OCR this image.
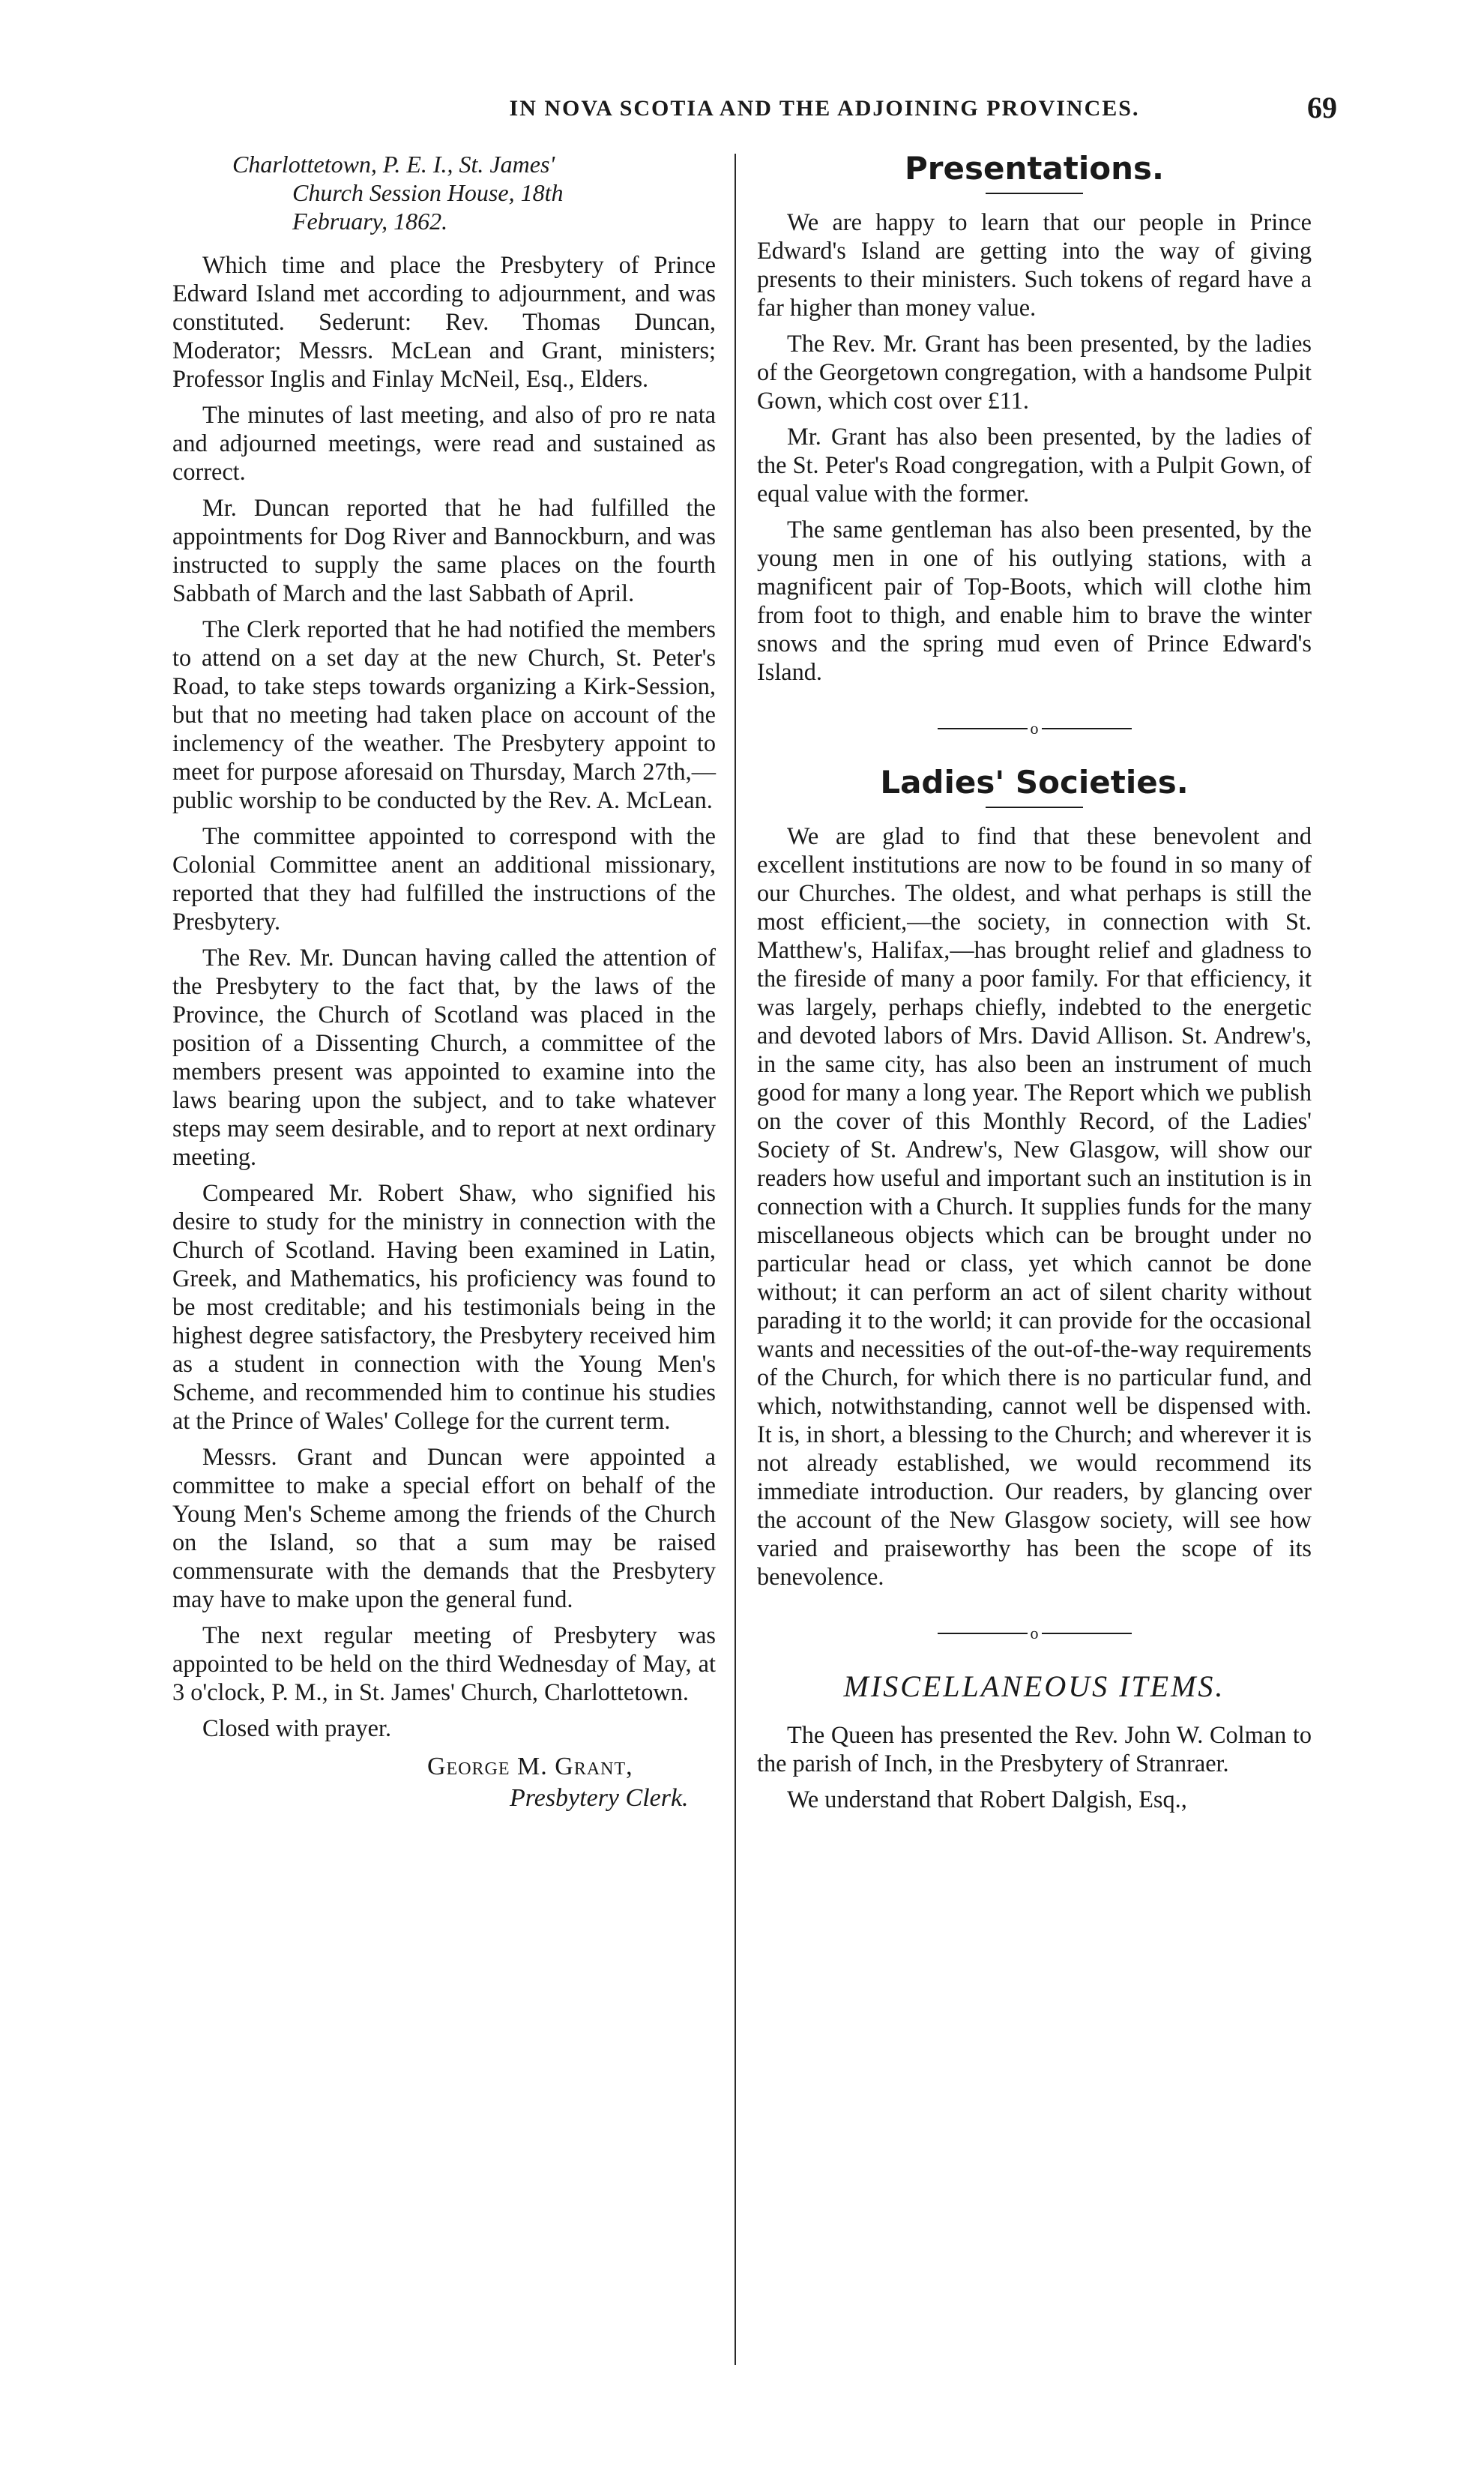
IN NOVA SCOTIA AND THE ADJOINING PROVINCES.	69
Charlottetown, P. E. I., St. James'
Church Session House, 18th
February, 1862.

Which time and place the Presbytery of Prince Edward Island met according to adjournment, and was constituted. Sederunt: Rev. Thomas Duncan, Moderator; Messrs. McLean and Grant, ministers; Professor Inglis and Finlay McNeil, Esq., Elders.

The minutes of last meeting, and also of pro re nata and adjourned meetings, were read and sustained as correct.

Mr. Duncan reported that he had fulfilled the appointments for Dog River and Bannockburn, and was instructed to supply the same places on the fourth Sabbath of March and the last Sabbath of April.

The Clerk reported that he had notified the members to attend on a set day at the new Church, St. Peter's Road, to take steps towards organizing a Kirk-Session, but that no meeting had taken place on account of the inclemency of the weather. The Presbytery appoint to meet for purpose aforesaid on Thursday, March 27th,—public worship to be conducted by the Rev. A. McLean.

The committee appointed to correspond with the Colonial Committee anent an additional missionary, reported that they had fulfilled the instructions of the Presbytery.

The Rev. Mr. Duncan having called the attention of the Presbytery to the fact that, by the laws of the Province, the Church of Scotland was placed in the position of a Dissenting Church, a committee of the members present was appointed to examine into the laws bearing upon the subject, and to take whatever steps may seem desirable, and to report at next ordinary meeting.

Compeared Mr. Robert Shaw, who signified his desire to study for the ministry in connection with the Church of Scotland. Having been examined in Latin, Greek, and Mathematics, his proficiency was found to be most creditable; and his testimonials being in the highest degree satisfactory, the Presbytery received him as a student in connection with the Young Men's Scheme, and recommended him to continue his studies at the Prince of Wales' College for the current term.

Messrs. Grant and Duncan were appointed a committee to make a special effort on behalf of the Young Men's Scheme among the friends of the Church on the Island, so that a sum may be raised commensurate with the demands that the Presbytery may have to make upon the general fund.

The next regular meeting of Presbytery was appointed to be held on the third Wednesday of May, at 3 o'clock, P. M., in St. James' Church, Charlottetown.

Closed with prayer.

George M. Grant,
Presbytery Clerk.
Presentations.

We are happy to learn that our people in Prince Edward's Island are getting into the way of giving presents to their ministers. Such tokens of regard have a far higher than money value.

The Rev. Mr. Grant has been presented, by the ladies of the Georgetown congregation, with a handsome Pulpit Gown, which cost over £11.

Mr. Grant has also been presented, by the ladies of the St. Peter's Road congregation, with a Pulpit Gown, of equal value with the former.

The same gentleman has also been presented, by the young men in one of his outlying stations, with a magnificent pair of Top-Boots, which will clothe him from foot to thigh, and enable him to brave the winter snows and the spring mud even of Prince Edward's Island.

o
Ladies' Societies.

We are glad to find that these benevolent and excellent institutions are now to be found in so many of our Churches. The oldest, and what perhaps is still the most efficient,—the society, in connection with St. Matthew's, Halifax,—has brought relief and gladness to the fireside of many a poor family. For that efficiency, it was largely, perhaps chiefly, indebted to the energetic and devoted labors of Mrs. David Allison. St. Andrew's, in the same city, has also been an instrument of much good for many a long year. The Report which we publish on the cover of this Monthly Record, of the Ladies' Society of St. Andrew's, New Glasgow, will show our readers how useful and important such an institution is in connection with a Church. It supplies funds for the many miscellaneous objects which can be brought under no particular head or class, yet which cannot be done without; it can perform an act of silent charity without parading it to the world; it can provide for the occasional wants and necessities of the out-of-the-way requirements of the Church, for which there is no particular fund, and which, notwithstanding, cannot well be dispensed with. It is, in short, a blessing to the Church; and wherever it is not already established, we would recommend its immediate introduction. Our readers, by glancing over the account of the New Glasgow society, will see how varied and praiseworthy has been the scope of its benevolence.

o
MISCELLANEOUS ITEMS.

The Queen has presented the Rev. John W. Colman to the parish of Inch, in the Presbytery of Stranraer.

We understand that Robert Dalgish, Esq.,
